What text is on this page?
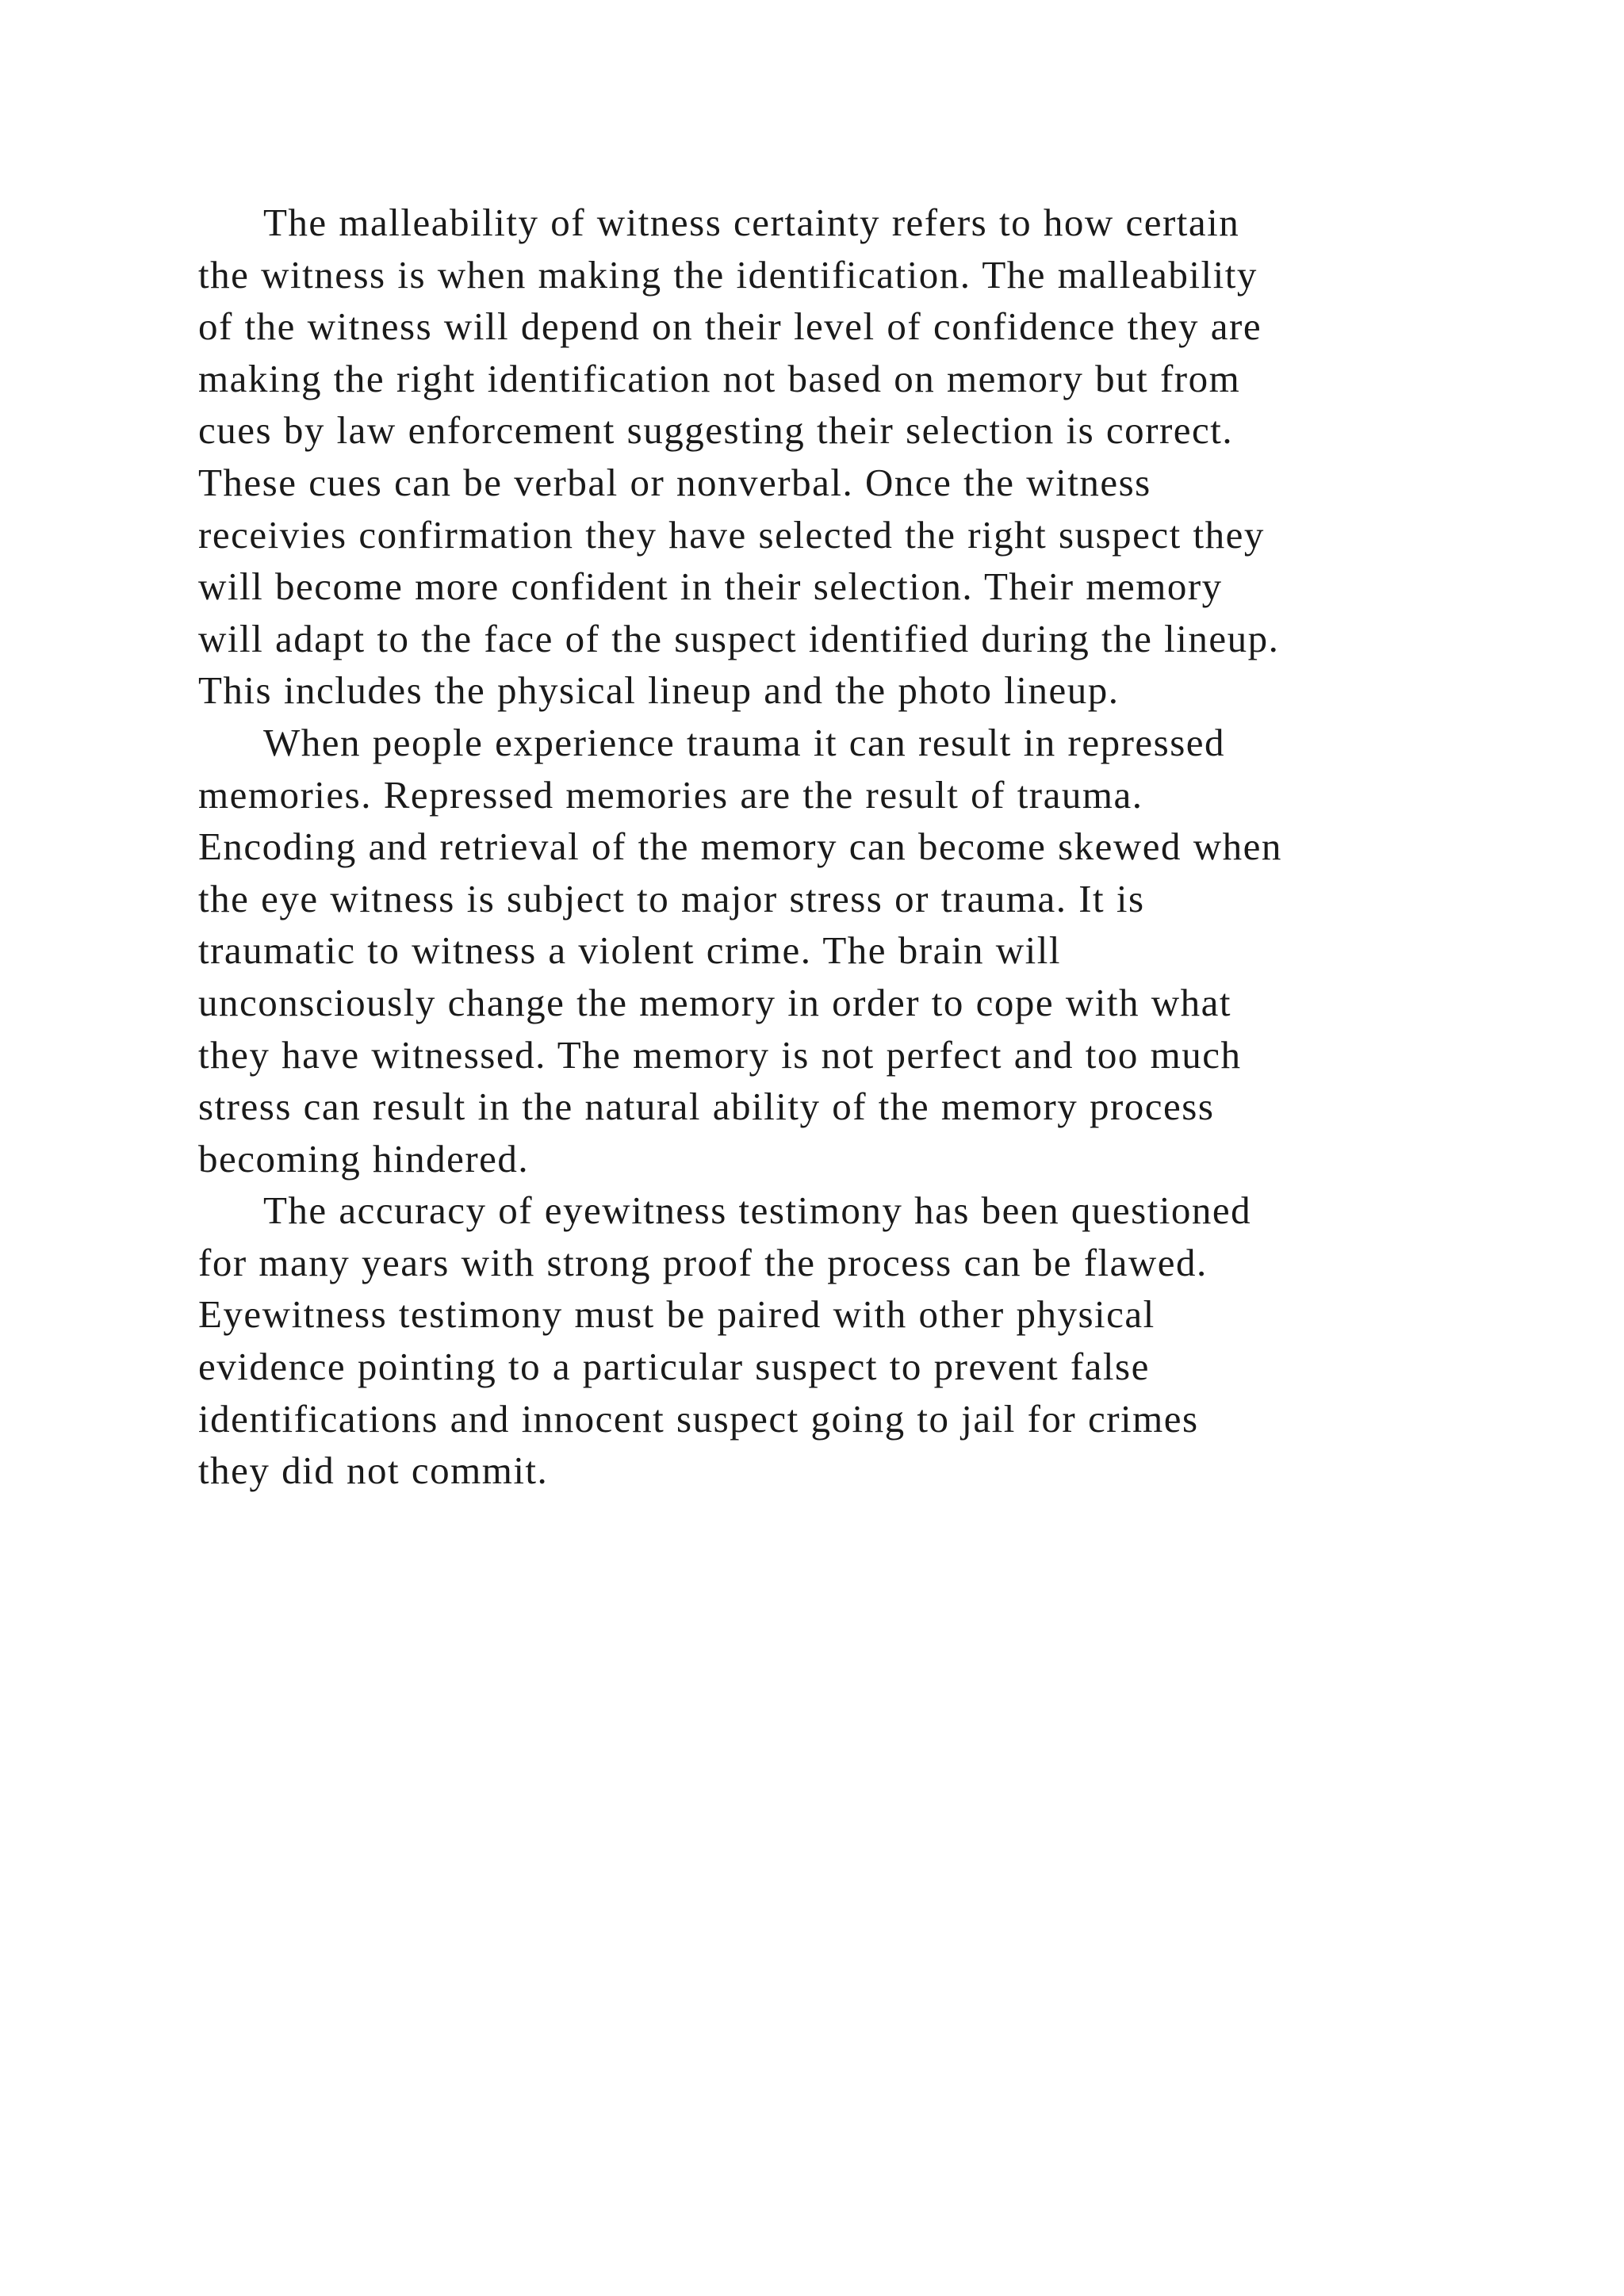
The malleability of witness certainty refers to how certain
the witness is when making the identification. The malleability
of the witness will depend on their level of confidence they are
making the right identification not based on memory but from
cues by law enforcement suggesting their selection is correct.
These cues can be verbal or nonverbal. Once the witness
receivies confirmation they have selected the right suspect they
will become more confident in their selection. Their memory
will adapt to the face of the suspect identified during the lineup.
This includes the physical lineup and the photo lineup.
When people experience trauma it can result in repressed
memories. Repressed memories are the result of trauma.
Encoding and retrieval of the memory can become skewed when
the eye witness is subject to major stress or trauma. It is
traumatic to witness a violent crime. The brain will
unconsciously change the memory in order to cope with what
they have witnessed. The memory is not perfect and too much
stress can result in the natural ability of the memory process
becoming hindered.
The accuracy of eyewitness testimony has been questioned
for many years with strong proof the process can be flawed.
Eyewitness testimony must be paired with other physical
evidence pointing to a particular suspect to prevent false
identifications and innocent suspect going to jail for crimes
they did not commit.
